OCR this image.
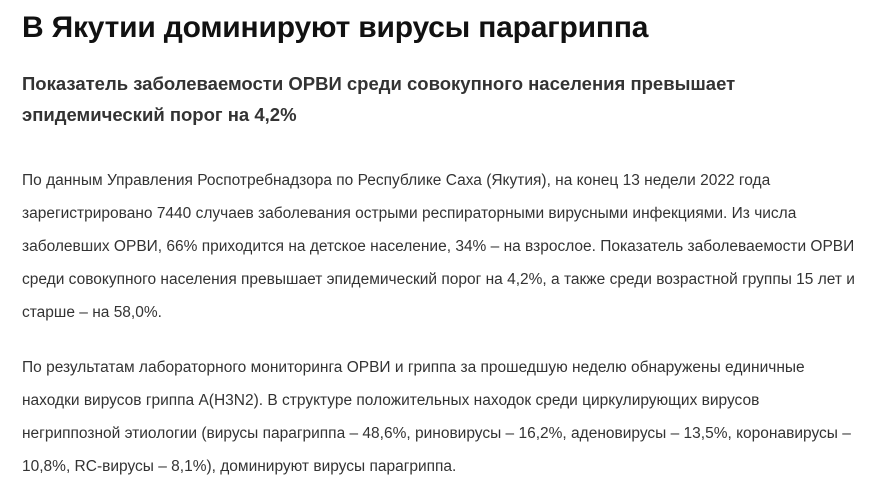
В Якутии доминируют вирусы парагриппа

Показатель заболеваемости ОРВИ среди совокупного населения превышает эпидемический порог на 4,2%

По данным Управления Роспотребнадзора по Республике Саха (Якутия), на конец 13 недели 2022 года зарегистрировано 7440 случаев заболевания острыми респираторными вирусными инфекциями. Из числа заболевших ОРВИ, 66% приходится на детское население, 34% – на взрослое. Показатель заболеваемости ОРВИ среди совокупного населения превышает эпидемический порог на 4,2%, а также среди возрастной группы 15 лет и старше – на 58,0%.

По результатам лабораторного мониторинга ОРВИ и гриппа за прошедшую неделю обнаружены единичные находки вирусов гриппа A(H3N2). В структуре положительных находок среди циркулирующих вирусов негриппозной этиологии (вирусы парагриппа – 48,6%, риновирусы – 16,2%, аденовирусы – 13,5%, коронавирусы – 10,8%, RC-вирусы – 8,1%), доминируют вирусы парагриппа.
